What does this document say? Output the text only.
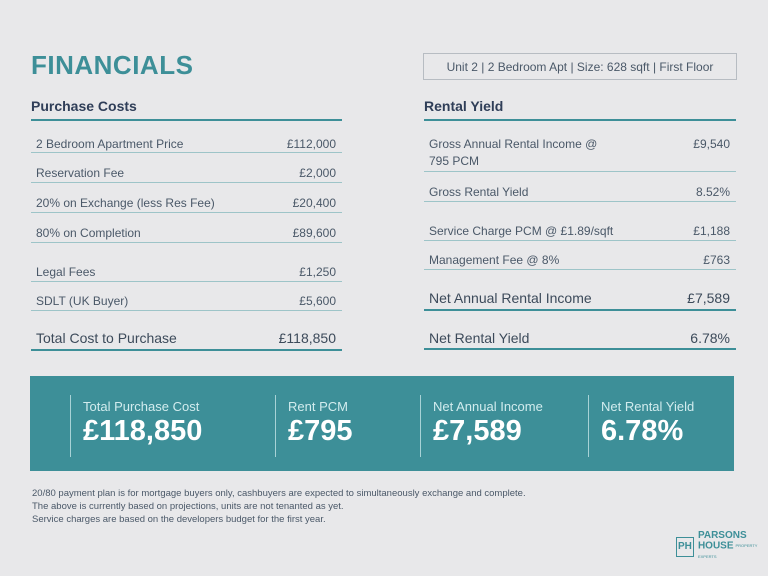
FINANCIALS	Unit 2 | 2 Bedroom Apt | Size: 628 sqft | First Floor
Purchase Costs	Rental Yield
2 Bedroom Apartment Price	£112,000
Reservation Fee	£2,000
20% on Exchange (less Res Fee)	£20,400
80% on Completion	£89,600
Legal Fees	£1,250
SDLT (UK Buyer)	£5,600
Total Cost to Purchase	£118,850
Gross Annual Rental Income @ 795 PCM
£9,540
Gross Rental Yield	8.52%
Service Charge PCM @ £1.89/sqft	£1,188
Management Fee @ 8%	£763
Net Annual Rental Income	£7,589
Net Rental Yield	6.78%
Total Purchase Cost
£118,850
Rent PCM
£795
Net Annual Income
£7,589
Net Rental Yield
6.78%
20/80 payment plan is for mortgage buyers only, cashbuyers are expected to simultaneously exchange and complete.
The above is currently based on projections, units are not tenanted as yet.
Service charges are based on the developers budget for the first year.
PH
PARSONS
HOUSE PROPERTY EXPERTS
